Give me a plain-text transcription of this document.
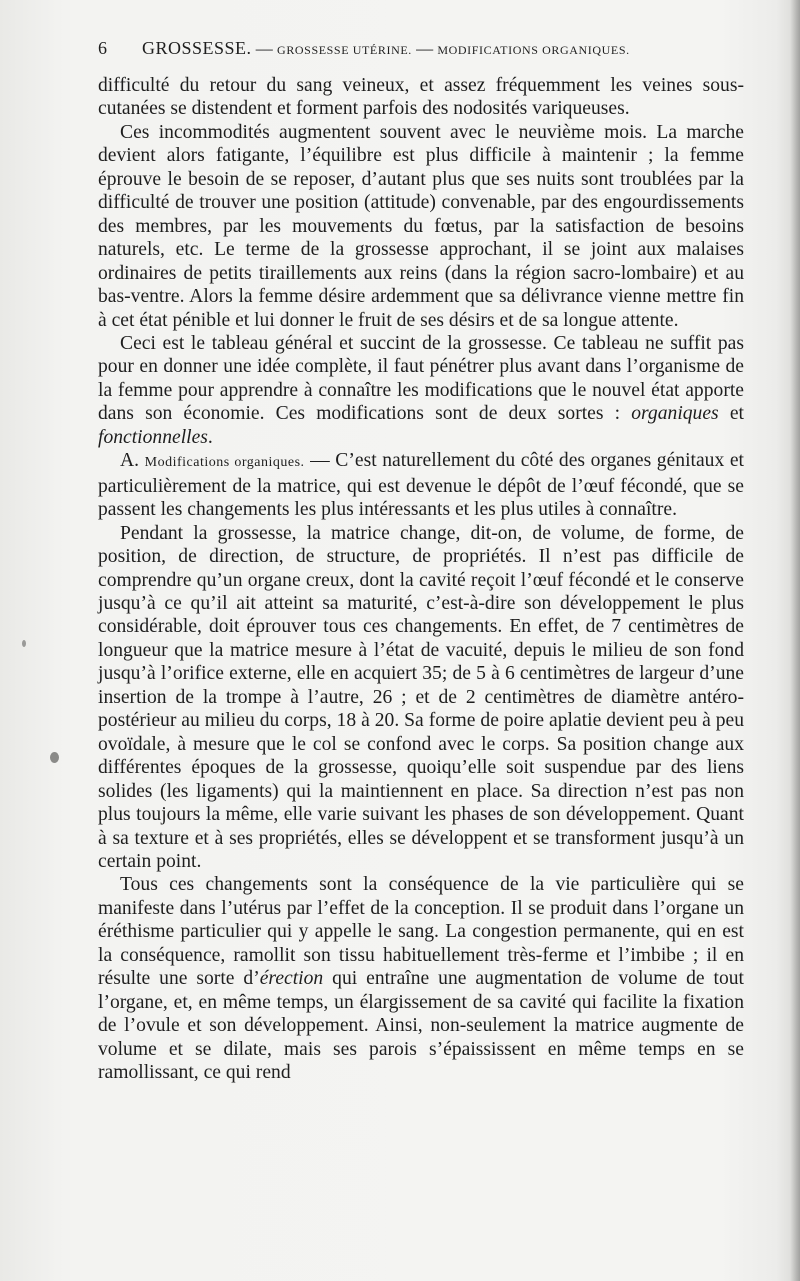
6 GROSSESSE. — GROSSESSE UTÉRINE. — MODIFICATIONS ORGANIQUES.

difficulté du retour du sang veineux, et assez fréquemment les veines sous-cutanées se distendent et forment parfois des nodosités variqueuses.

Ces incommodités augmentent souvent avec le neuvième mois. La marche devient alors fatigante, l’équilibre est plus difficile à maintenir ; la femme éprouve le besoin de se reposer, d’autant plus que ses nuits sont troublées par la difficulté de trouver une position (attitude) convenable, par des engourdissements des membres, par les mouvements du fœtus, par la satisfaction de besoins naturels, etc. Le terme de la grossesse approchant, il se joint aux malaises ordinaires de petits tiraillements aux reins (dans la région sacro-lombaire) et au bas-ventre. Alors la femme désire ardemment que sa délivrance vienne mettre fin à cet état pénible et lui donner le fruit de ses désirs et de sa longue attente.

Ceci est le tableau général et succint de la grossesse. Ce tableau ne suffit pas pour en donner une idée complète, il faut pénétrer plus avant dans l’organisme de la femme pour apprendre à connaître les modifications que le nouvel état apporte dans son économie. Ces modifications sont de deux sortes : organiques et fonctionnelles.

A. Modifications organiques. — C’est naturellement du côté des organes génitaux et particulièrement de la matrice, qui est devenue le dépôt de l’œuf fécondé, que se passent les changements les plus intéressants et les plus utiles à connaître.

Pendant la grossesse, la matrice change, dit-on, de volume, de forme, de position, de direction, de structure, de propriétés. Il n’est pas difficile de comprendre qu’un organe creux, dont la cavité reçoit l’œuf fécondé et le conserve jusqu’à ce qu’il ait atteint sa maturité, c’est-à-dire son développement le plus considérable, doit éprouver tous ces changements. En effet, de 7 centimètres de longueur que la matrice mesure à l’état de vacuité, depuis le milieu de son fond jusqu’à l’orifice externe, elle en acquiert 35; de 5 à 6 centimètres de largeur d’une insertion de la trompe à l’autre, 26 ; et de 2 centimètres de diamètre antéro-postérieur au milieu du corps, 18 à 20. Sa forme de poire aplatie devient peu à peu ovoïdale, à mesure que le col se confond avec le corps. Sa position change aux différentes époques de la grossesse, quoiqu’elle soit suspendue par des liens solides (les ligaments) qui la maintiennent en place. Sa direction n’est pas non plus toujours la même, elle varie suivant les phases de son développement. Quant à sa texture et à ses propriétés, elles se développent et se transforment jusqu’à un certain point.

Tous ces changements sont la conséquence de la vie particulière qui se manifeste dans l’utérus par l’effet de la conception. Il se produit dans l’organe un éréthisme particulier qui y appelle le sang. La congestion permanente, qui en est la conséquence, ramollit son tissu habituellement très-ferme et l’imbibe ; il en résulte une sorte d’érection qui entraîne une augmentation de volume de tout l’organe, et, en même temps, un élargissement de sa cavité qui facilite la fixation de l’ovule et son développement. Ainsi, non-seulement la matrice augmente de volume et se dilate, mais ses parois s’épaississent en même temps en se ramollissant, ce qui rend
